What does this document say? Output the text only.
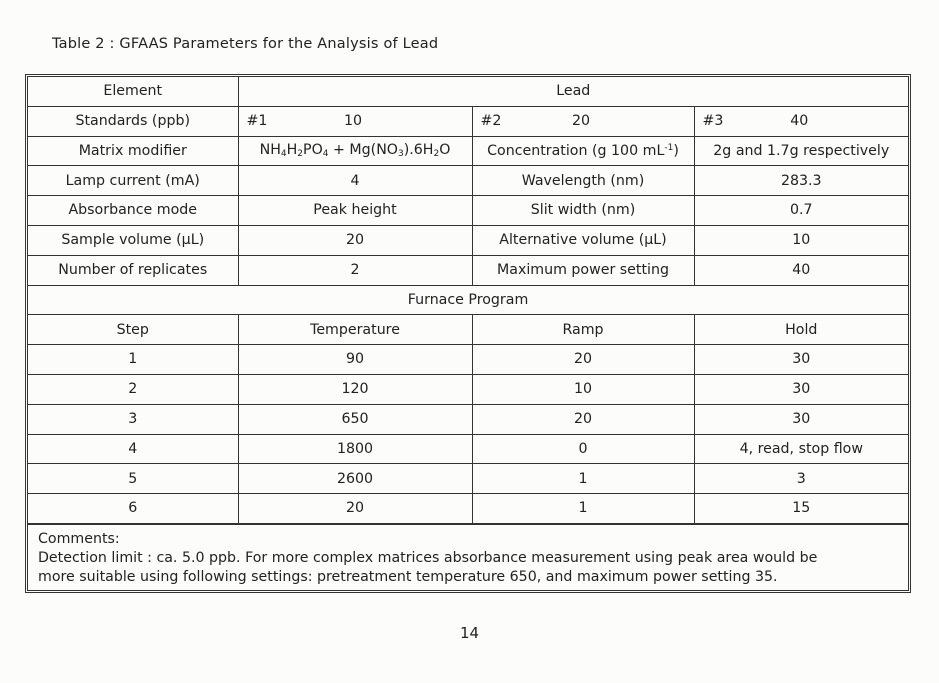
Table 2 : GFAAS Parameters for the Analysis of Lead
Element	Lead		
Standards (ppb)	#1 10	#2 20	#3 40

Matrix modifier	$NH_4H_2PO_4 + Mg(NO_3).6H_2O$	Concentration (g 100 $mL^{-1}$)	2g and 1.7g respectively
Lamp current (mA)	4	Wavelength (nm)	283.3
Absorbance mode	Peak height	Slit width (nm)	0.7
Sample volume (μL)	20	Alternative volume (μL)	10
Number of replicates	2	Maximum power setting	40
Furnace Program			
Step	Temperature	Ramp	Hold
1	90	20	30
2	120	10	30
3	650	20	30
4	1800	0	4, read, stop flow
5	2600	1	3
6	20	1	15
Comments:
Detection limit : ca. 5.0 ppb. For more complex matrices absorbance measurement using peak area would be
more suitable using following settings: pretreatment temperature 650, and maximum power setting 35.
14
